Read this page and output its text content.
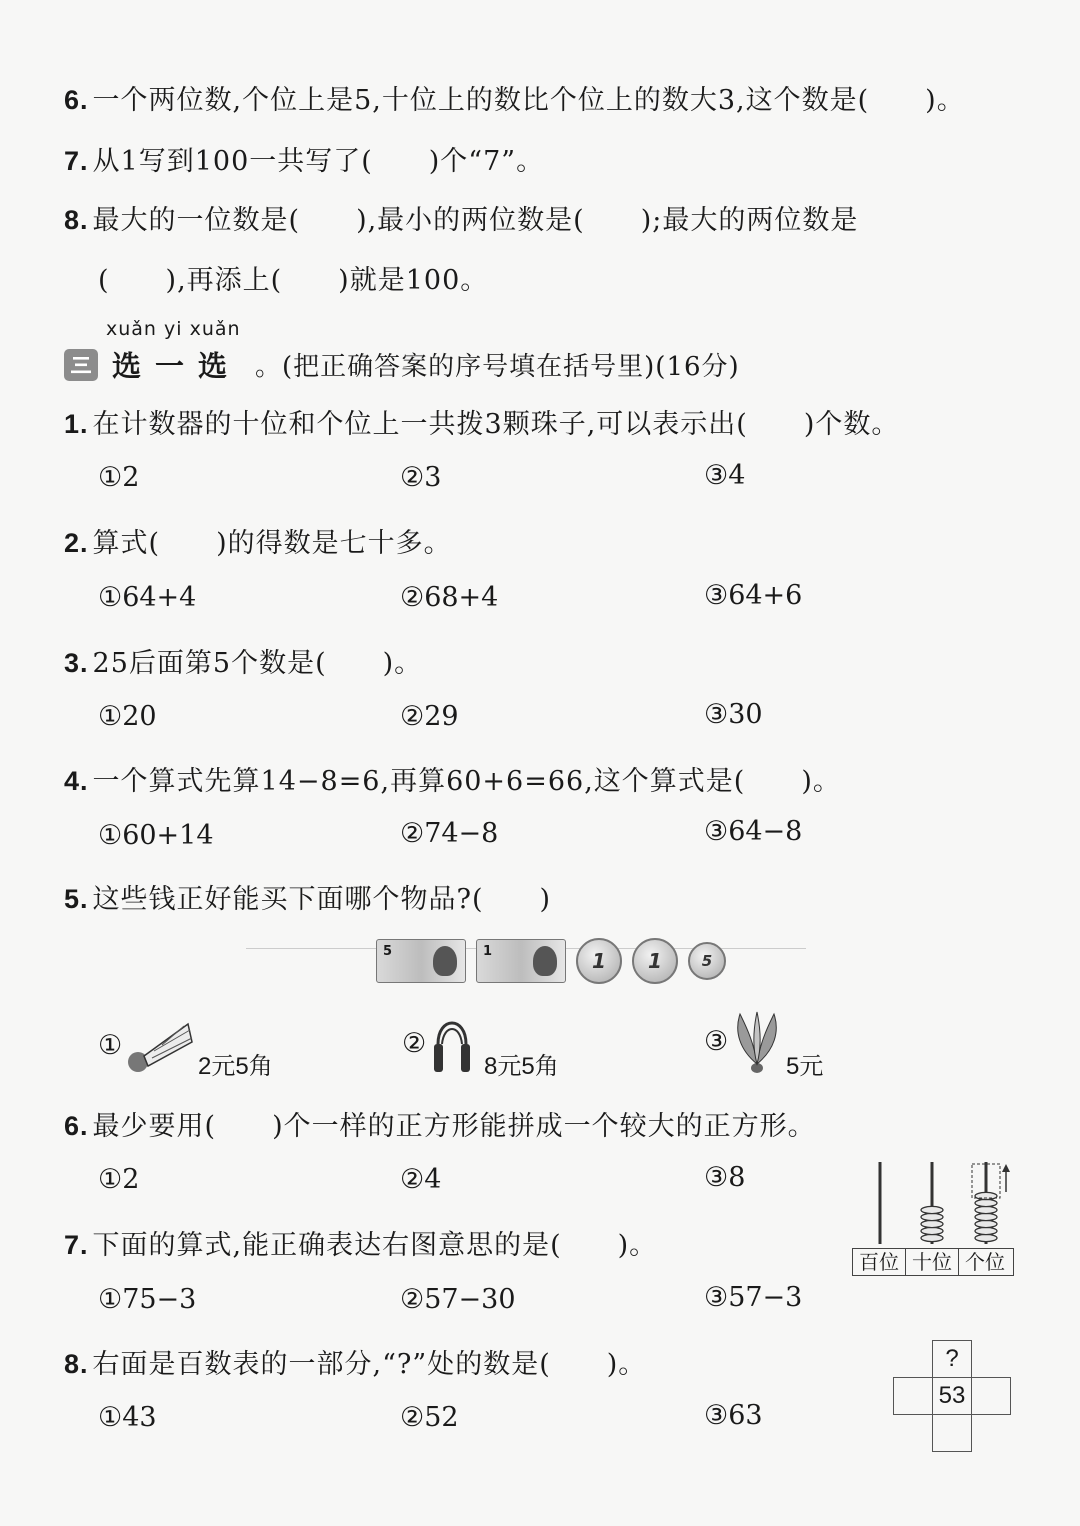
6. 一个两位数,个位上是5,十位上的数比个位上的数大3,这个数是(　　)。
7. 从1写到100一共写了(　　)个“7”。
8. 最大的一位数是(　　),最小的两位数是(　　);最大的两位数是
(　　),再添上(　　)就是100。
xuǎn yi xuǎn
选一选 。(把正确答案的序号填在括号里)(16分)
1. 在计数器的十位和个位上一共拨3颗珠子,可以表示出(　　)个数。
①2	②3	③4
2. 算式(　　)的得数是七十多。
①64+4	②68+4	③64+6
3. 25后面第5个数是(　　)。
①20	②29	③30
4. 一个算式先算14−8=6,再算60+6=66,这个算式是(　　)。
①60+14	②74−8	③64−8
5. 这些钱正好能买下面哪个物品?(　　)
5	1	1	1	5
①
2元5角
②
8元5角
③
5元
6. 最少要用(　　)个一样的正方形能拼成一个较大的正方形。
①2	②4	③8
百位 十位 个位
7. 下面的算式,能正确表达右图意思的是(　　)。
①75−3	②57−30	③57−3
8. 右面是百数表的一部分,“?”处的数是(　　)。
①43	②52	③63
	?	
	53	
